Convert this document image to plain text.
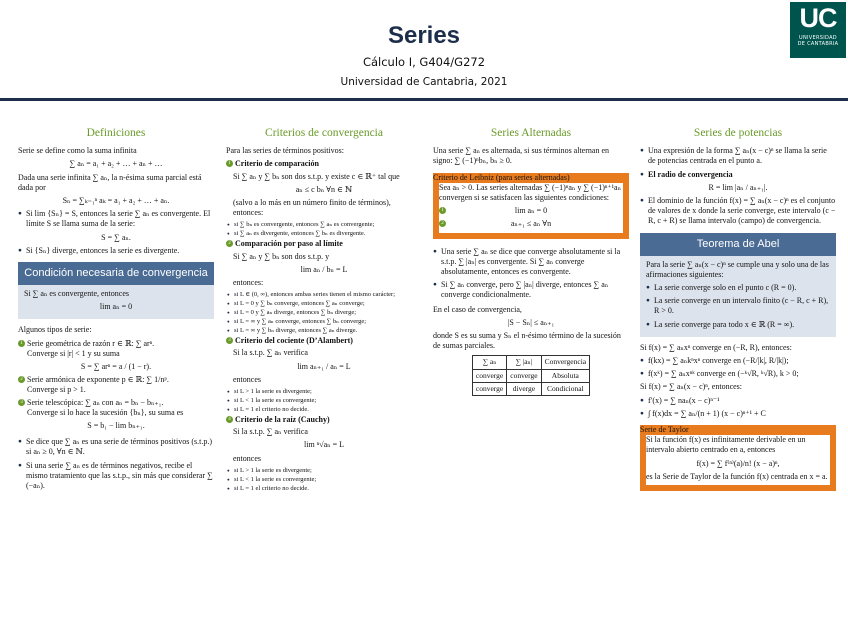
Series
Cálculo I, G404/G272
Universidad de Cantabria, 2021
UC
UNIVERSIDAD
DE CANTABRIA
Definiciones

Serie se define como la suma infinita

∑ aₙ = a₁ + a₂ + … + aₙ + …

Dada una serie infinita ∑ aₙ, la n-ésima suma parcial está dada por

Sₙ = ∑ₖ₌₁ⁿ aₖ = a₁ + a₂ + … + aₙ.
● Si lim {Sₙ} = S, entonces la serie ∑ aₙ es convergente. El límite S se llama suma de la serie:
S = ∑ aₙ.
● Si {Sₙ} diverge, entonces la serie es divergente.
Condición necesaria de convergencia

Si ∑ aₙ es convergente, entonces

lim aₙ = 0

Algunos tipos de serie:

1 Serie geométrica de razón r ∈ ℝ: ∑ arⁿ.
Converge si |r| < 1 y su suma
S = ∑ arⁿ = a / (1 − r).
2 Serie armónica de exponente p ∈ ℝ: ∑ 1/nᵖ.
Converge si p > 1.
3 Serie telescópica: ∑ aₙ con aₙ = bₙ − bₙ₊₁.
Converge si lo hace la sucesión {bₙ}, su suma es
S = b₁ − lim bₙ₊₁.
● Se dice que ∑ aₙ es una serie de términos positivos (s.t.p.) si aₙ ≥ 0, ∀n ∈ ℕ.
● Si una serie ∑ aₙ es de términos negativos, recibe el mismo tratamiento que las s.t.p., sin más que considerar ∑ (−aₙ).
Criterios de convergencia

Para las series de términos positivos:

1 Criterio de comparación

Si ∑ aₙ y ∑ bₙ son dos s.t.p. y existe c ∈ ℝ⁺ tal que

aₙ ≤ c bₙ ∀n ∈ ℕ

(salvo a lo más en un número finito de términos), entonces:

● si ∑ bₙ es convergente, entonces ∑ aₙ es convergente;
● si ∑ aₙ es divergente, entonces ∑ bₙ es divergente.
2 Comparación por paso al límite

Si ∑ aₙ y ∑ bₙ son dos s.t.p. y

lim aₙ / bₙ = L

entonces:

● si L ∈ (0, ∞), entonces ambas series tienen el mismo carácter;
● si L = 0 y ∑ bₙ converge, entonces ∑ aₙ converge;
● si L = 0 y ∑ aₙ diverge, entonces ∑ bₙ diverge;
● si L = ∞ y ∑ aₙ converge, entonces ∑ bₙ converge;
● si L = ∞ y ∑ bₙ diverge, entonces ∑ aₙ diverge.
3 Criterio del cociente (D’Alambert)

Si la s.t.p. ∑ aₙ verifica

lim aₙ₊₁ / aₙ = L

entonces

● si L > 1 la serie es divergente;
● si L < 1 la serie es convergente;
● si L = 1 el criterio no decide.
4 Criterio de la raíz (Cauchy)

Si la s.t.p. ∑ aₙ verifica

lim ⁿ√aₙ = L

entonces

● si L > 1 la serie es divergente;
● si L < 1 la serie es convergente;
● si L = 1 el criterio no decide.
Series Alternadas

Una serie ∑ aₙ es alternada, si sus términos alternan en signo: ∑ (−1)ⁿbₙ, bₙ ≥ 0.

Criterio de Leibniz (para series alternadas)

Sea aₙ > 0. Las series alternadas ∑ (−1)ⁿaₙ y ∑ (−1)ⁿ⁺¹aₙ convergen si se satisfacen las siguientes condiciones:

1	lim aₙ = 0
2	aₙ₊₁ ≤ aₙ ∀n
● Una serie ∑ aₙ se dice que converge absolutamente si la s.t.p. ∑ |aₙ| es convergente. Si ∑ aₙ converge absolutamente, entonces es convergente.
● Si ∑ aₙ converge, pero ∑ |aₙ| diverge, entonces ∑ aₙ converge condicionalmente.

En el caso de convergencia,

|S − Sₙ| ≤ aₙ₊₁

donde S es su suma y Sₙ el n-ésimo término de la sucesión de sumas parciales.

∑ aₙ	∑ |aₙ|	Convergencia
converge	converge	Absoluta
converge	diverge	Condicional
Series de potencias
● Una expresión de la forma ∑ aₙ(x − c)ⁿ se llama la serie de potencias centrada en el punto a.
● El radio de convergencia
R = lim |aₙ / aₙ₊₁|.
● El dominio de la función f(x) = ∑ aₙ(x − c)ⁿ es el conjunto de valores de x donde la serie converge, este intervalo (c − R, c + R) se llama intervalo (campo) de convergencia.
Teorema de Abel

Para la serie ∑ aₙ(x − c)ⁿ se cumple una y solo una de las afirmaciones siguientes:

● La serie converge solo en el punto c (R = 0).
● La serie converge en un intervalo finito (c − R, c + R), R > 0.
● La serie converge para todo x ∈ ℝ (R = ∞).

Si f(x) = ∑ aₙxⁿ converge en (−R, R), entonces:

● f(kx) = ∑ aₙkⁿxⁿ converge en (−R/|k|, R/|k|);
● f(xᵏ) = ∑ aₙxⁿᵏ converge en (−ᵏ√R, ᵏ√R), k > 0;

Si f(x) = ∑ aₙ(x − c)ⁿ, entonces:

● f′(x) = ∑ naₙ(x − c)ⁿ⁻¹
● ∫ f(x)dx = ∑ aₙ/(n + 1) (x − c)ⁿ⁺¹ + C
Serie de Taylor

Si la función f(x) es infinitamente derivable en un intervalo abierto centrado en a, entonces

f(x) = ∑ f⁽ⁿ⁾(a)/n! (x − a)ⁿ,

es la Serie de Taylor de la función f(x) centrada en x = a.
